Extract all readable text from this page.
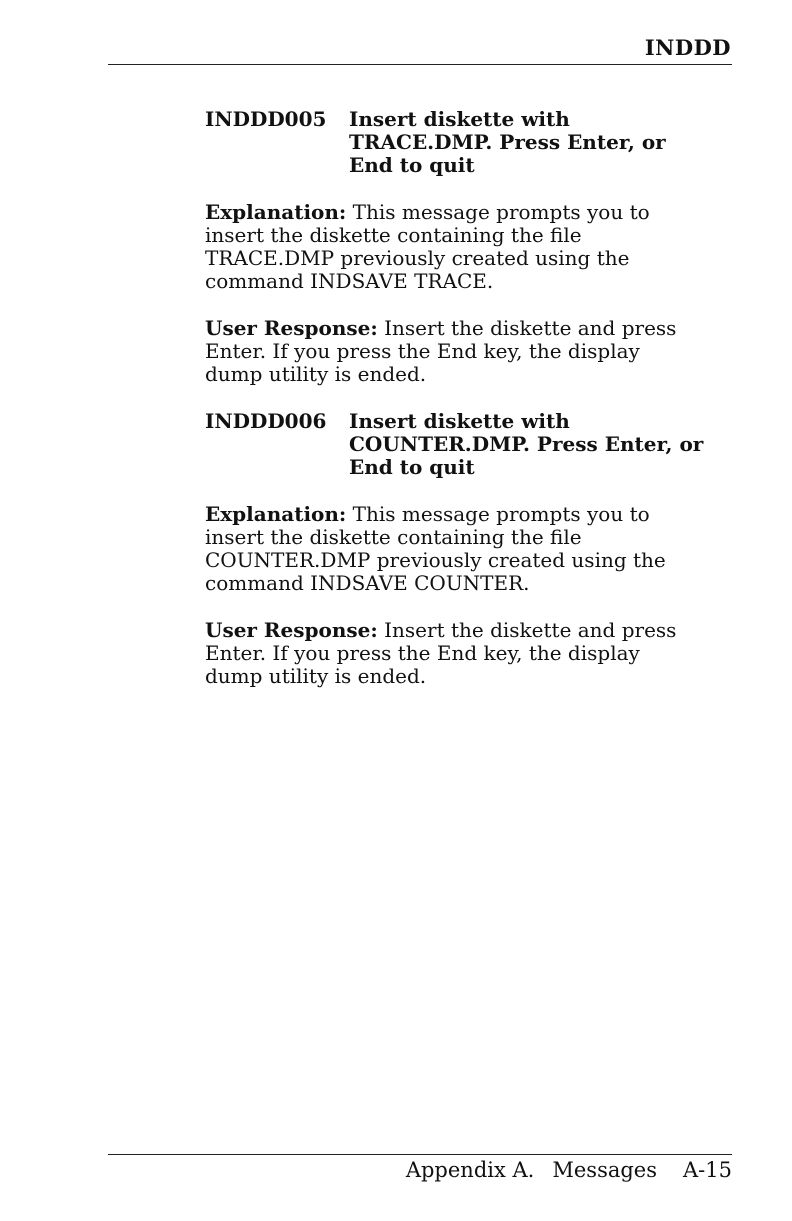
INDDD
INDDD005	Insert diskette with
TRACE.DMP. Press Enter, or
End to quit
Explanation: This message prompts you to
insert the diskette containing the file
TRACE.DMP previously created using the
command INDSAVE TRACE.
User Response: Insert the diskette and press
Enter. If you press the End key, the display
dump utility is ended.
INDDD006	Insert diskette with
COUNTER.DMP. Press Enter, or
End to quit
Explanation: This message prompts you to
insert the diskette containing the file
COUNTER.DMP previously created using the
command INDSAVE COUNTER.
User Response: Insert the diskette and press
Enter. If you press the End key, the display
dump utility is ended.
Appendix A. Messages A-15
